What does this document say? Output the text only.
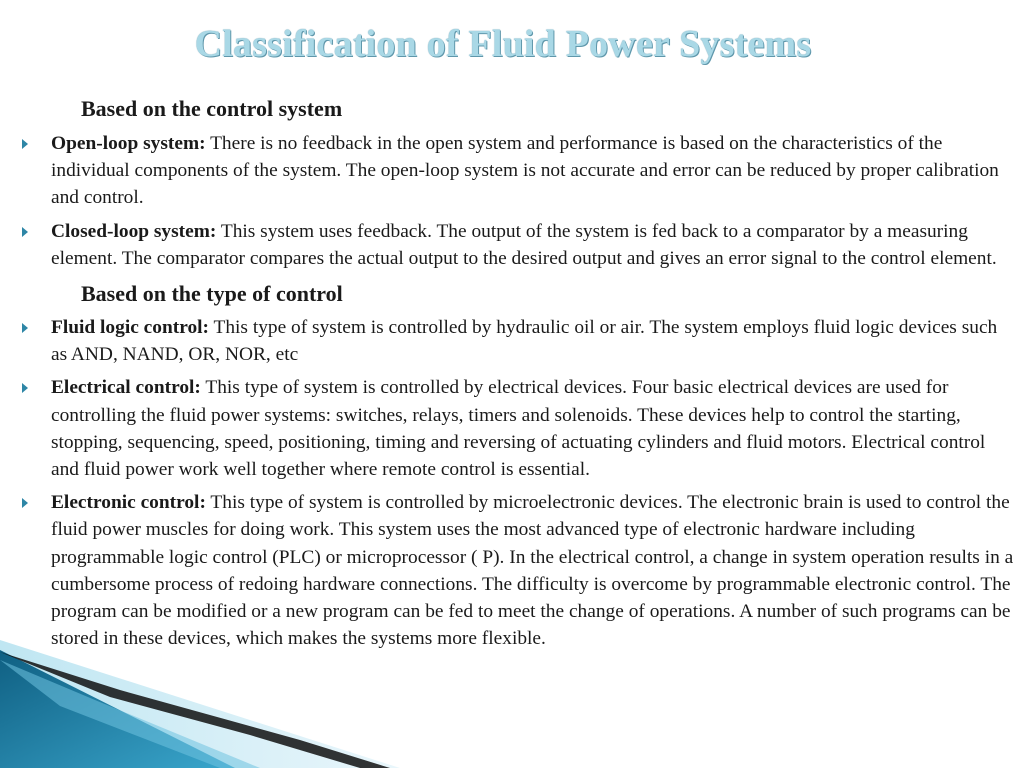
Classification of Fluid Power Systems
Based on the control system
Open-loop system: There is no feedback in the open system and performance is based on the characteristics of the individual components of the system. The open-loop system is not accurate and error can be reduced by proper calibration and control.
Closed-loop system: This system uses feedback. The output of the system is fed back to a comparator by a measuring element. The comparator compares the actual output to the desired output and gives an error signal to the control element.
Based on the type of control
Fluid logic control: This type of system is controlled by hydraulic oil or air. The system employs fluid logic devices such as AND, NAND, OR, NOR, etc
Electrical control: This type of system is controlled by electrical devices. Four basic electrical devices are used for controlling the fluid power systems: switches, relays, timers and solenoids. These devices help to control the starting, stopping, sequencing, speed, positioning, timing and reversing of actuating cylinders and fluid motors. Electrical control and fluid power work well together where remote control is essential.
Electronic control: This type of system is controlled by microelectronic devices. The electronic brain is used to control the fluid power muscles for doing work. This system uses the most advanced type of electronic hardware including programmable logic control (PLC) or microprocessor ( P). In the electrical control, a change in system operation results in a cumbersome process of redoing hardware connections. The difficulty is overcome by programmable electronic control. The program can be modified or a new program can be fed to meet the change of operations. A number of such programs can be stored in these devices, which makes the systems more flexible.
